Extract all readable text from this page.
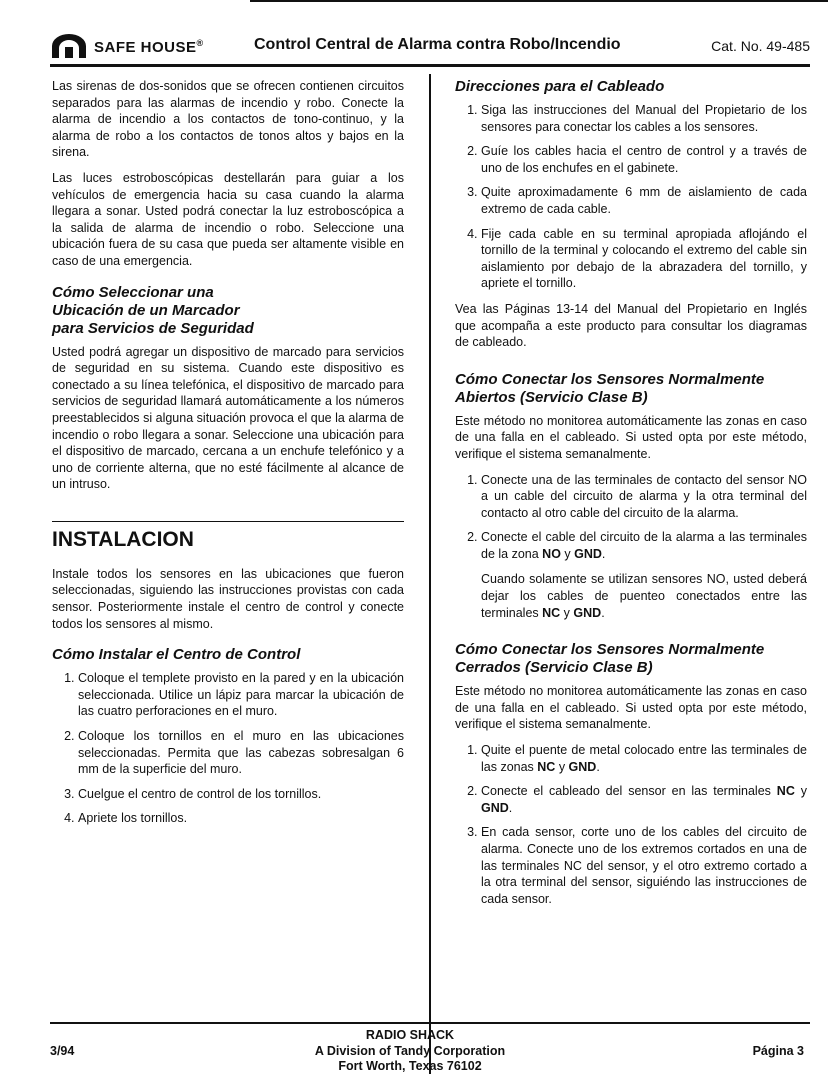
SAFE HOUSE®	Control Central de Alarma contra Robo/Incendio	Cat. No. 49-485

Las sirenas de dos-sonidos que se ofrecen contienen circuitos separados para las alarmas de incendio y robo. Conecte la alarma de incendio a los contactos de tono-continuo, y la alarma de robo a los contactos de tonos altos y bajos en la sirena.

Las luces estroboscópicas destellarán para guiar a los vehículos de emergencia hacia su casa cuando la alarma llegara a sonar. Usted podrá conectar la luz estroboscópica a la salida de alarma de incendio o robo. Seleccione una ubicación fuera de su casa que pueda ser altamente visible en caso de una emergencia.

Cómo Seleccionar una
Ubicación de un Marcador
para Servicios de Seguridad

Usted podrá agregar un dispositivo de marcado para servicios de seguridad en su sistema. Cuando este dispositivo es conectado a su línea telefónica, el dispositivo de marcado para servicios de seguridad llamará automáticamente a los números preestablecidos si alguna situación provoca el que la alarma de incendio o robo llegara a sonar. Seleccione una ubicación para el dispositivo de marcado, cercana a un enchufe telefónico y a uno de corriente alterna, que no esté fácilmente al alcance de un intruso.

INSTALACION

Instale todos los sensores en las ubicaciones que fueron seleccionadas, siguiendo las instrucciones provistas con cada sensor. Posteriormente instale el centro de control y conecte todos los sensores al mismo.

Cómo Instalar el Centro de Control
1. Coloque el templete provisto en la pared y en la ubicación seleccionada. Utilice un lápiz para marcar la ubicación de las cuatro perforaciones en el muro.
2. Coloque los tornillos en el muro en las ubicaciones seleccionadas. Permita que las cabezas sobresalgan 6 mm de la superficie del muro.
3. Cuelgue el centro de control de los tornillos.
4. Apriete los tornillos.
Direcciones para el Cableado
1. Siga las instrucciones del Manual del Propietario de los sensores para conectar los cables a los sensores.
2. Guíe los cables hacia el centro de control y a través de uno de los enchufes en el gabinete.
3. Quite aproximadamente 6 mm de aislamiento de cada extremo de cada cable.
4. Fije cada cable en su terminal apropiada aflojándo el tornillo de la terminal y colocando el extremo del cable sin aislamiento por debajo de la abrazadera del tornillo, y apriete el tornillo.

Vea las Páginas 13-14 del Manual del Propietario en Inglés que acompaña a este producto para consultar los diagramas de cableado.

Cómo Conectar los Sensores Normalmente
Abiertos (Servicio Clase B)

Este método no monitorea automáticamente las zonas en caso de una falla en el cableado. Si usted opta por este método, verifique el sistema semanalmente.

1. Conecte una de las terminales de contacto del sensor NO a un cable del circuito de alarma y la otra terminal del contacto al otro cable del circuito de la alarma.
2. Conecte el cable del circuito de la alarma a las terminales de la zona NO y GND.

Cuando solamente se utilizan sensores NO, usted deberá dejar los cables de puenteo conectados entre las terminales NC y GND.

Cómo Conectar los Sensores Normalmente
Cerrados (Servicio Clase B)

Este método no monitorea automáticamente las zonas en caso de una falla en el cableado. Si usted opta por este método, verifique el sistema semanalmente.

1. Quite el puente de metal colocado entre las terminales de las zonas NC y GND.
2. Conecte el cableado del sensor en las terminales NC y GND.
3. En cada sensor, corte uno de los cables del circuito de alarma. Conecte uno de los extremos cortados en una de las terminales NC del sensor, y el otro extremo cortado a la otra terminal del sensor, siguiéndo las instrucciones de cada sensor.
3/94
RADIO SHACK
A Division of Tandy Corporation
Fort Worth, Texas 76102
Página 3
